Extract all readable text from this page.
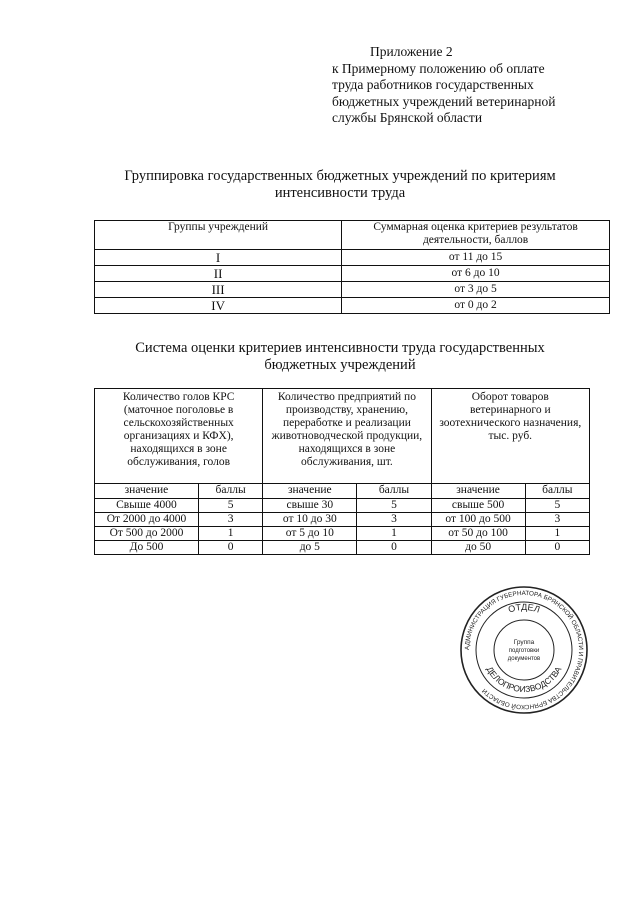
Приложение 2
к Примерному положению об оплате
труда работников государственных
бюджетных учреждений ветеринарной
службы Брянской области
Группировка государственных бюджетных учреждений по критериям
интенсивности труда
Группы учреждений	Суммарная оценка критериев результатов деятельности, баллов
I	от 11 до 15
II	от 6 до 10
III	от 3 до 5
IV	от 0 до 2
Система оценки критериев интенсивности труда государственных
бюджетных учреждений
Количество голов КРС (маточное поголовье в сельскохозяйственных организациях и КФХ), находящихся в зоне обслуживания, голов		Количество предприятий по производству, хранению, переработке и реализации животноводческой продукции, находящихся в зоне обслуживания, шт.		Оборот товаров ветеринарного и зоотехнического назначения, тыс. руб.	
значение	баллы	значение	баллы	значение	баллы
Свыше 4000	5	свыше 30	5	свыше 500	5
От 2000 до 4000	3	от 10 до 30	3	от 100 до 500	3
От 500 до 2000	1	от 5 до 10	1	от 50 до 100	1
До 500	0	до 5	0	до 50	0
АДМИНИСТРАЦИЯ ГУБЕРНАТОРА БРЯНСКОЙ ОБЛАСТИ И ПРАВИТЕЛЬСТВА БРЯНСКОЙ ОБЛАСТИ
ОТДЕЛ
ДЕЛОПРОИЗВОДСТВА
Группа
подготовки
документов
